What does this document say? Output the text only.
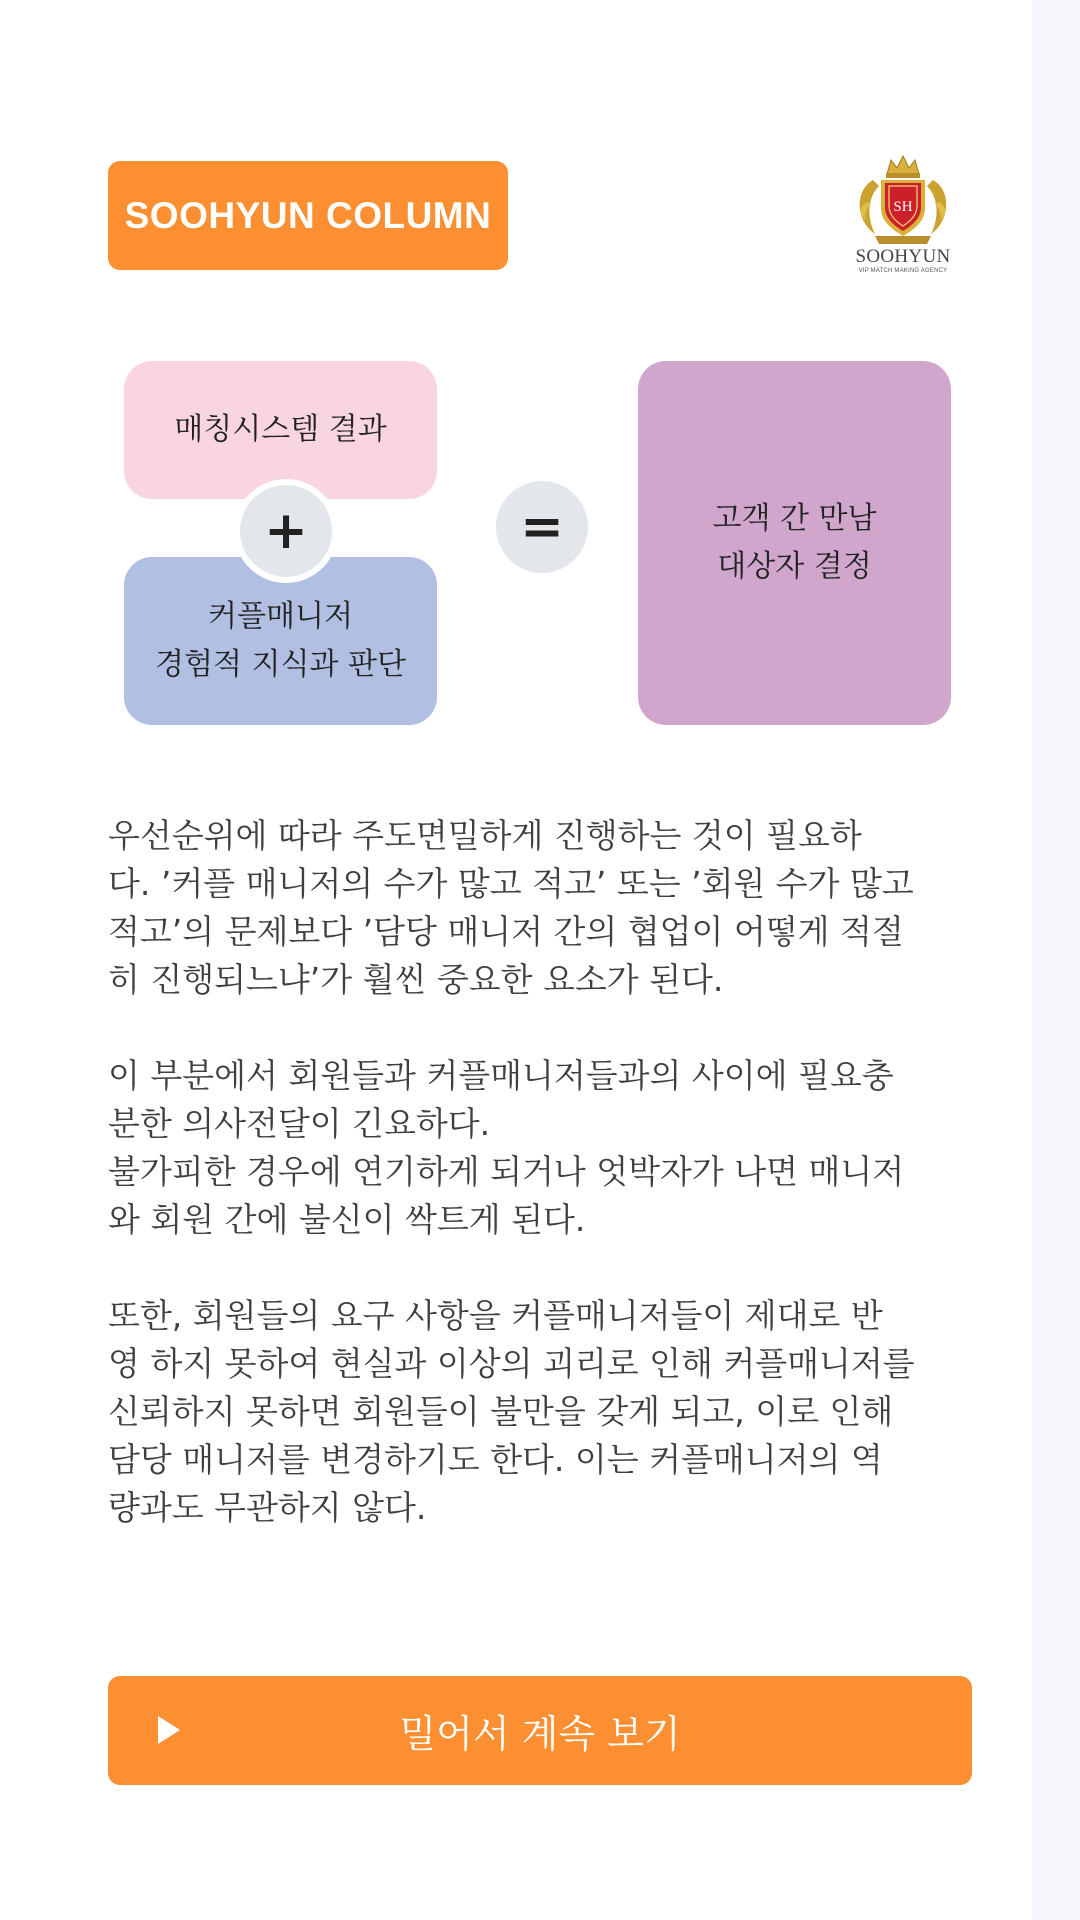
SOOHYUN COLUMN	SH
SOOHYUN
VIP MATCH MAKING AGENCY
매칭시스템 결과
커플매니저
경험적 지식과 판단
+	=	고객 간 만남
대상자 결정

우선순위에 따라 주도면밀하게 진행하는 것이 필요하
다. ’커플 매니저의 수가 많고 적고’ 또는 ’회원 수가 많고
적고’의 문제보다 ’담당 매니저 간의 협업이 어떻게 적절
히 진행되느냐’가 훨씬 중요한 요소가 된다.

이 부분에서 회원들과 커플매니저들과의 사이에 필요충
분한 의사전달이 긴요하다.
불가피한 경우에 연기하게 되거나 엇박자가 나면 매니저
와 회원 간에 불신이 싹트게 된다.

또한, 회원들의 요구 사항을 커플매니저들이 제대로 반
영 하지 못하여 현실과 이상의 괴리로 인해 커플매니저를
신뢰하지 못하면 회원들이 불만을 갖게 되고, 이로 인해
담당 매니저를 변경하기도 한다. 이는 커플매니저의 역
량과도 무관하지 않다.

밀어서 계속 보기
